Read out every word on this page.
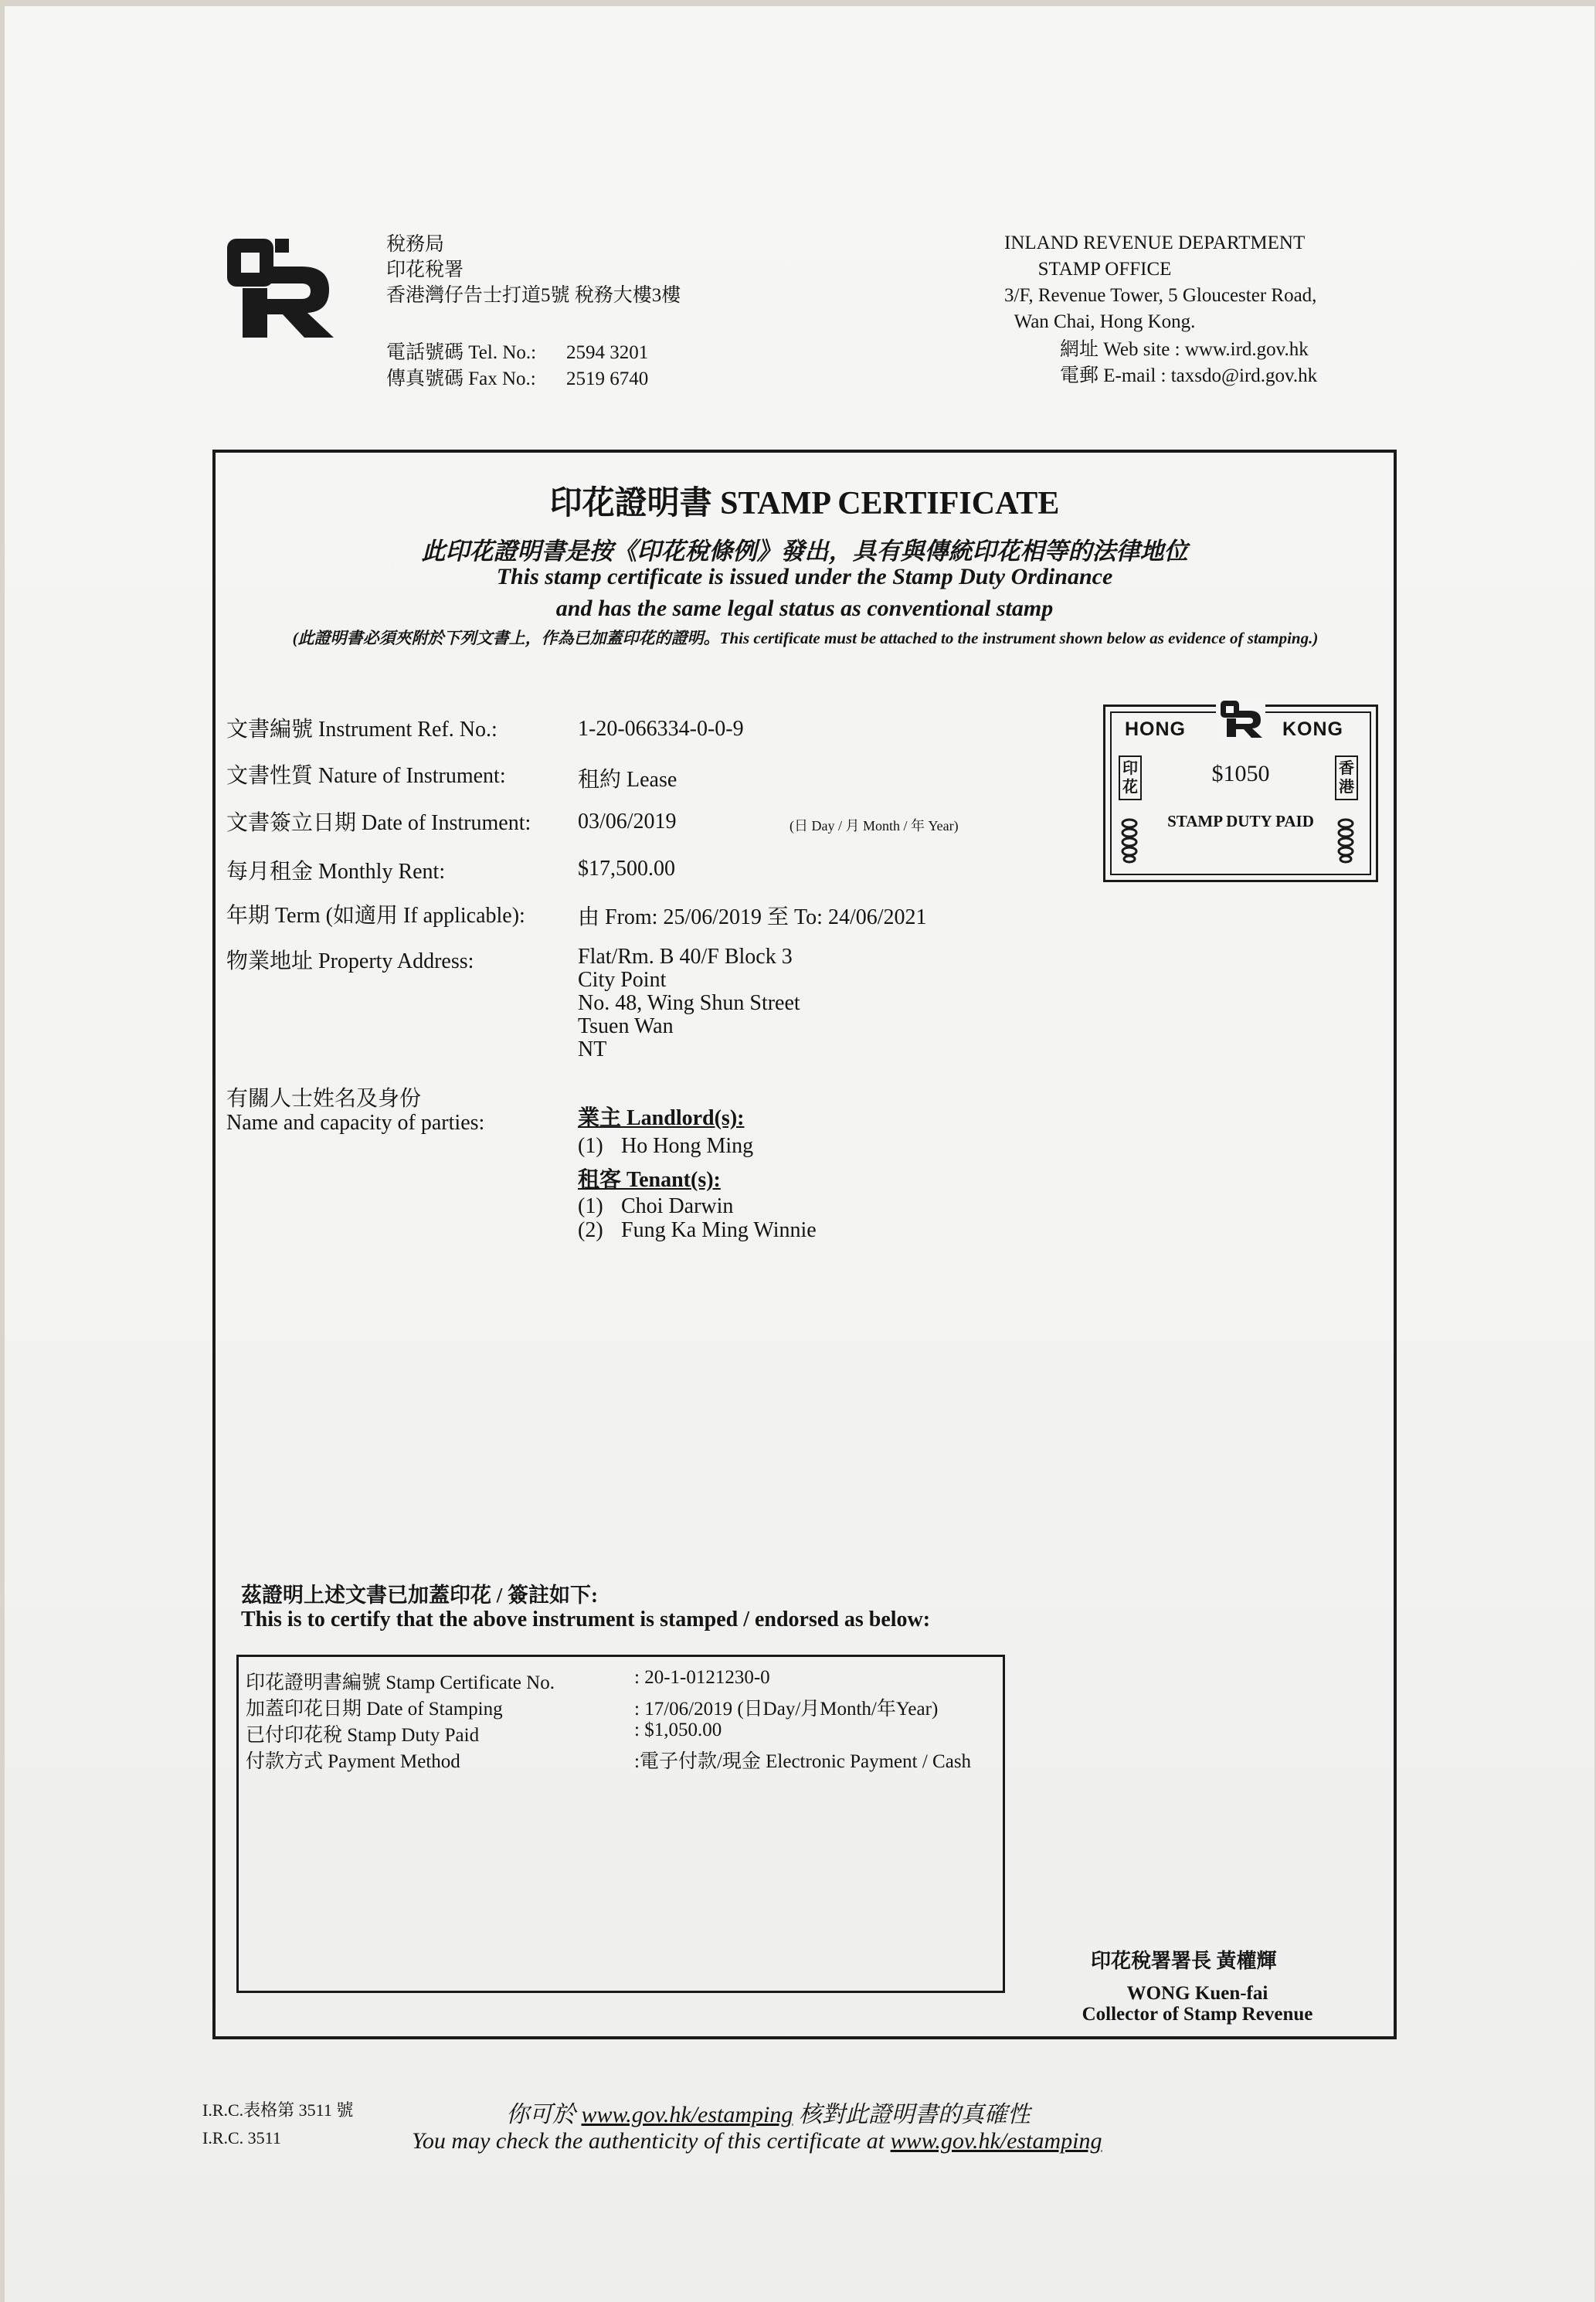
稅務局
印花稅署
香港灣仔告士打道5號 稅務大樓3樓
電話號碼 Tel. No.: 2594 3201
傳真號碼 Fax No.: 2519 6740
INLAND REVENUE DEPARTMENT
STAMP OFFICE
3/F, Revenue Tower, 5 Gloucester Road,
Wan Chai, Hong Kong.
網址 Web site : www.ird.gov.hk
電郵 E-mail : taxsdo@ird.gov.hk
印花證明書 STAMP CERTIFICATE
此印花證明書是按《印花稅條例》發出，具有與傳統印花相等的法律地位
This stamp certificate is issued under the Stamp Duty Ordinance
and has the same legal status as conventional stamp
(此證明書必須夾附於下列文書上，作為已加蓋印花的證明。This certificate must be attached to the instrument shown below as evidence of stamping.)
文書編號 Instrument Ref. No.:	1-20-066334-0-0-9
文書性質 Nature of Instrument:	租約 Lease
文書簽立日期 Date of Instrument: 03/06/2019	(日 Day / 月 Month / 年 Year)
每月租金 Monthly Rent:	$17,500.00
年期 Term (如適用 If applicable): 由 From: 25/06/2019 至 To: 24/06/2021
物業地址 Property Address:	Flat/Rm. B 40/F Block 3
City Point
No. 48, Wing Shun Street
Tsuen Wan
NT
有關人士姓名及身份
Name and capacity of parties:	業主 Landlord(s):
(1) Ho Hong Ming
租客 Tenant(s):
(1) Choi Darwin
(2) Fung Ka Ming Winnie
HONG	KONG
$1050
STAMP DUTY PAID
印
花
香
港
茲證明上述文書已加蓋印花 / 簽註如下:
This is to certify that the above instrument is stamped / endorsed as below:
印花證明書編號 Stamp Certificate No.	: 20-1-0121230-0
加蓋印花日期 Date of Stamping	: 17/06/2019 (日Day/月Month/年Year)
已付印花稅 Stamp Duty Paid	: $1,050.00
付款方式 Payment Method	:電子付款/現金 Electronic Payment / Cash
印花稅署署長 黃權輝
WONG Kuen-fai
Collector of Stamp Revenue
I.R.C.表格第 3511 號
I.R.C. 3511
你可於 www.gov.hk/estamping 核對此證明書的真確性
You may check the authenticity of this certificate at www.gov.hk/estamping
